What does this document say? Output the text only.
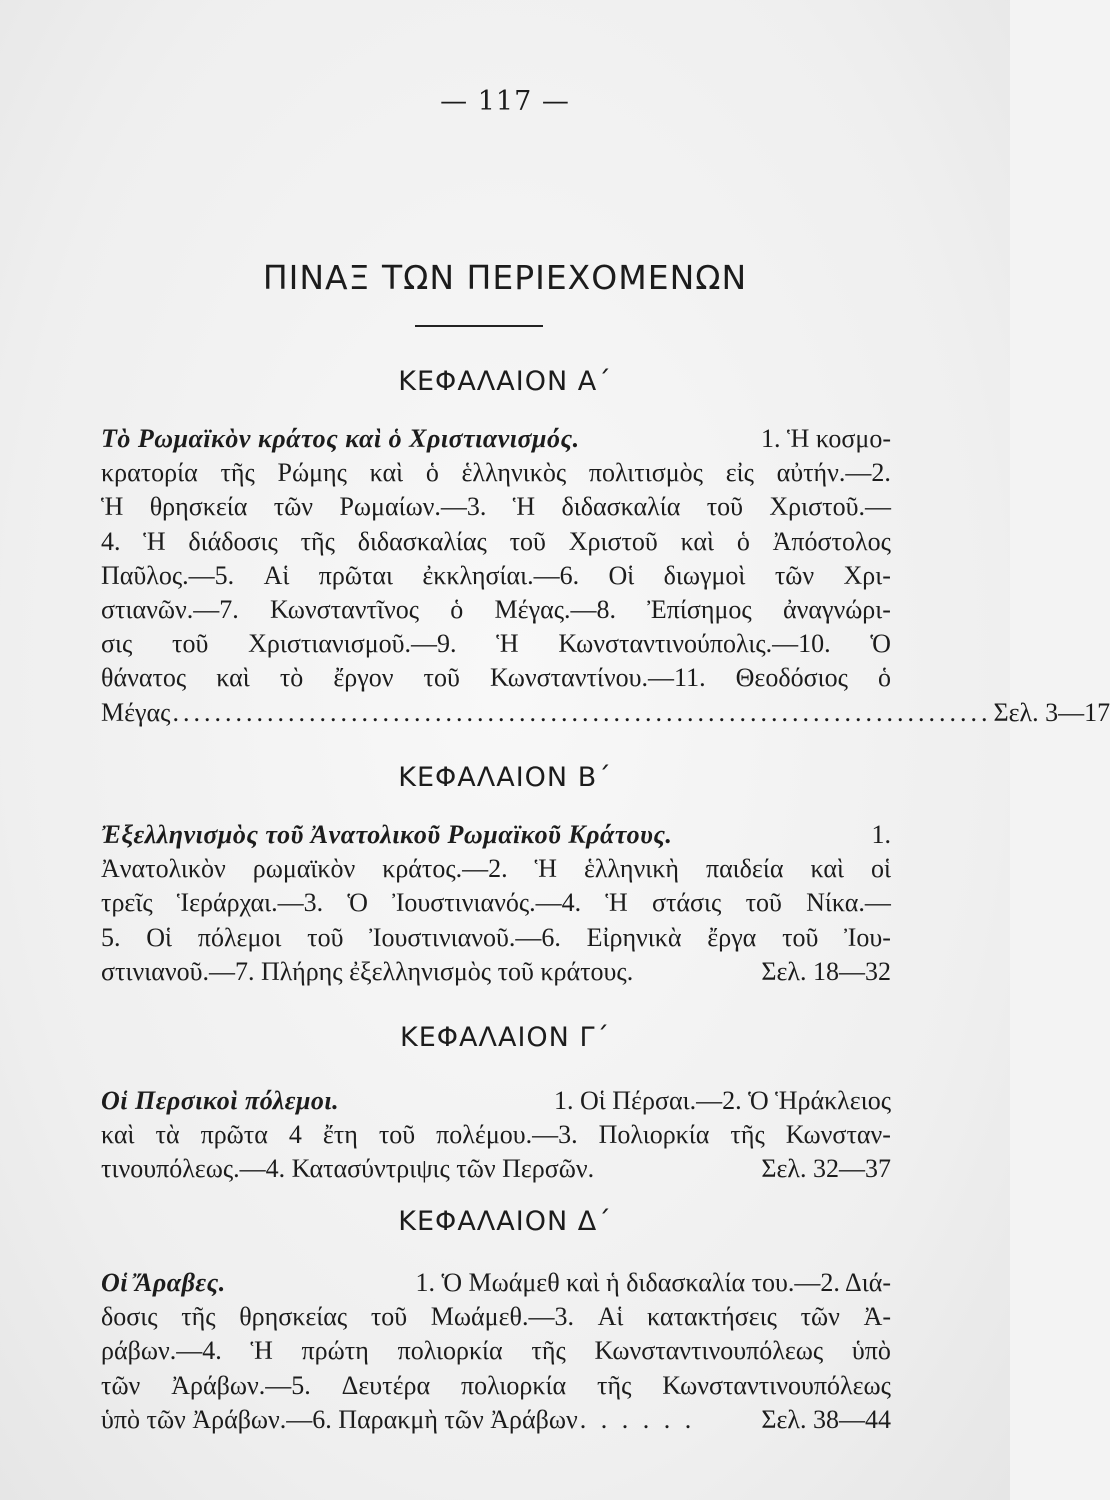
— 117 —
ΠΙΝΑΞ ΤΩΝ ΠΕΡΙΕΧΟΜΕΝΩΝ
ΚΕΦΑΛΑΙΟΝ Α΄
Τὸ Ρωμαϊκὸν κράτος καὶ ὁ Χριστιανισμός.	1. Ἡ κοσμο-
κρατορία τῆς Ρώμης καὶ ὁ ἑλληνικὸς πολιτισμὸς εἰς αὐτήν.—2.
Ἡ θρησκεία τῶν Ρωμαίων.—3. Ἡ διδασκαλία τοῦ Χριστοῦ.—
4. Ἡ διάδοσις τῆς διδασκαλίας τοῦ Χριστοῦ καὶ ὁ Ἀπόστολος
Παῦλος.—5. Αἱ πρῶται ἐκκλησίαι.—6. Οἱ διωγμοὶ τῶν Χρι-
στιανῶν.—7. Κωνσταντῖνος ὁ Μέγας.—8. Ἐπίσημος ἀναγνώρι-
σις τοῦ Χριστιανισμοῦ.—9. Ἡ Κωνσταντινούπολις.—10. Ὁ
θάνατος καὶ τὸ ἔργον τοῦ Κωνσταντίνου.—11. Θεοδόσιος ὁ
Μέγας .............................................................................. Σελ. 3—17
ΚΕΦΑΛΑΙΟΝ Β΄
Ἐξελληνισμὸς τοῦ Ἀνατολικοῦ Ρωμαϊκοῦ Κράτους.	1.
Ἀνατολικὸν ρωμαϊκὸν κράτος.—2. Ἡ ἑλληνικὴ παιδεία καὶ οἱ
τρεῖς Ἱεράρχαι.—3. Ὁ Ἰουστινιανός.—4. Ἡ στάσις τοῦ Νίκα.—
5. Οἱ πόλεμοι τοῦ Ἰουστινιανοῦ.—6. Εἰρηνικὰ ἔργα τοῦ Ἰου-
στινιανοῦ.—7. Πλήρης ἐξελληνισμὸς τοῦ κράτους.	Σελ. 18—32
ΚΕΦΑΛΑΙΟΝ Γ΄
Οἱ Περσικοὶ πόλεμοι.	1. Οἱ Πέρσαι.—2. Ὁ Ἡράκλειος
καὶ τὰ πρῶτα 4 ἔτη τοῦ πολέμου.—3. Πολιορκία τῆς Κωνσταν-
τινουπόλεως.—4. Κατασύντριψις τῶν Περσῶν.	Σελ. 32—37
ΚΕΦΑΛΑΙΟΝ Δ΄
Οἱ Ἄραβες.	1. Ὁ Μωάμεθ καὶ ἡ διδασκαλία του.—2. Διά-
δοσις τῆς θρησκείας τοῦ Μωάμεθ.—3. Αἱ κατακτήσεις τῶν Ἀ-
ράβων.—4. Ἡ πρώτη πολιορκία τῆς Κωνσταντινουπόλεως ὑπὸ
τῶν Ἀράβων.—5. Δευτέρα πολιορκία τῆς Κωνσταντινουπόλεως
ὑπὸ τῶν Ἀράβων.—6. Παρακμὴ τῶν Ἀράβων . . . . . .	Σελ. 38—44
